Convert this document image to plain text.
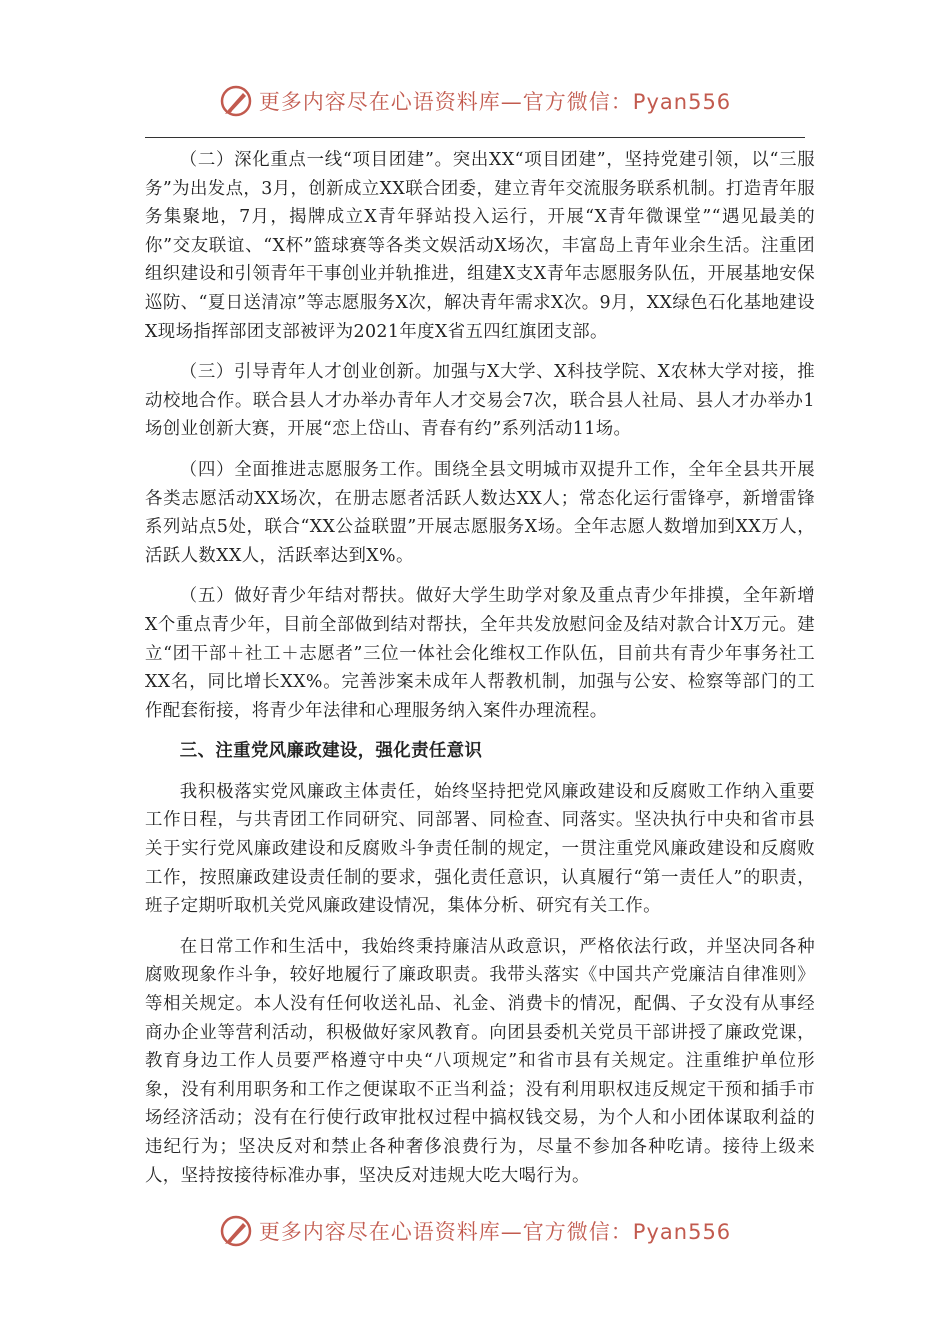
更多内容尽在心语资料库—官方微信：Pyan556

（二）深化重点一线“项目团建”。突出XX“项目团建”，坚持党建引领，以“三服务”为出发点，3月，创新成立XX联合团委，建立青年交流服务联系机制。打造青年服务集聚地，7月，揭牌成立X青年驿站投入运行，开展“X青年微课堂”“遇见最美的你”交友联谊、“X杯”篮球赛等各类文娱活动X场次，丰富岛上青年业余生活。注重团组织建设和引领青年干事创业并轨推进，组建X支X青年志愿服务队伍，开展基地安保巡防、“夏日送清凉”等志愿服务X次，解决青年需求X次。9月，XX绿色石化基地建设X现场指挥部团支部被评为2021年度X省五四红旗团支部。

（三）引导青年人才创业创新。加强与X大学、X科技学院、X农林大学对接，推动校地合作。联合县人才办举办青年人才交易会7次，联合县人社局、县人才办举办1场创业创新大赛，开展“恋上岱山、青春有约”系列活动11场。

（四）全面推进志愿服务工作。围绕全县文明城市双提升工作，全年全县共开展各类志愿活动XX场次，在册志愿者活跃人数达XX人；常态化运行雷锋亭，新增雷锋系列站点5处，联合“XX公益联盟”开展志愿服务X场。全年志愿人数增加到XX万人，活跃人数XX人，活跃率达到X%。

（五）做好青少年结对帮扶。做好大学生助学对象及重点青少年排摸，全年新增X个重点青少年，目前全部做到结对帮扶，全年共发放慰问金及结对款合计X万元。建立“团干部＋社工＋志愿者”三位一体社会化维权工作队伍，目前共有青少年事务社工XX名，同比增长XX%。完善涉案未成年人帮教机制，加强与公安、检察等部门的工作配套衔接，将青少年法律和心理服务纳入案件办理流程。

三、注重党风廉政建设，强化责任意识

我积极落实党风廉政主体责任，始终坚持把党风廉政建设和反腐败工作纳入重要工作日程，与共青团工作同研究、同部署、同检查、同落实。坚决执行中央和省市县关于实行党风廉政建设和反腐败斗争责任制的规定，一贯注重党风廉政建设和反腐败工作，按照廉政建设责任制的要求，强化责任意识，认真履行“第一责任人”的职责，班子定期听取机关党风廉政建设情况，集体分析、研究有关工作。

在日常工作和生活中，我始终秉持廉洁从政意识，严格依法行政，并坚决同各种腐败现象作斗争，较好地履行了廉政职责。我带头落实《中国共产党廉洁自律准则》等相关规定。本人没有任何收送礼品、礼金、消费卡的情况，配偶、子女没有从事经商办企业等营利活动，积极做好家风教育。向团县委机关党员干部讲授了廉政党课，教育身边工作人员要严格遵守中央“八项规定”和省市县有关规定。注重维护单位形象，没有利用职务和工作之便谋取不正当利益；没有利用职权违反规定干预和插手市场经济活动；没有在行使行政审批权过程中搞权钱交易，为个人和小团体谋取利益的违纪行为；坚决反对和禁止各种奢侈浪费行为，尽量不参加各种吃请。接待上级来人，坚持按接待标准办事，坚决反对违规大吃大喝行为。

更多内容尽在心语资料库—官方微信：Pyan556
